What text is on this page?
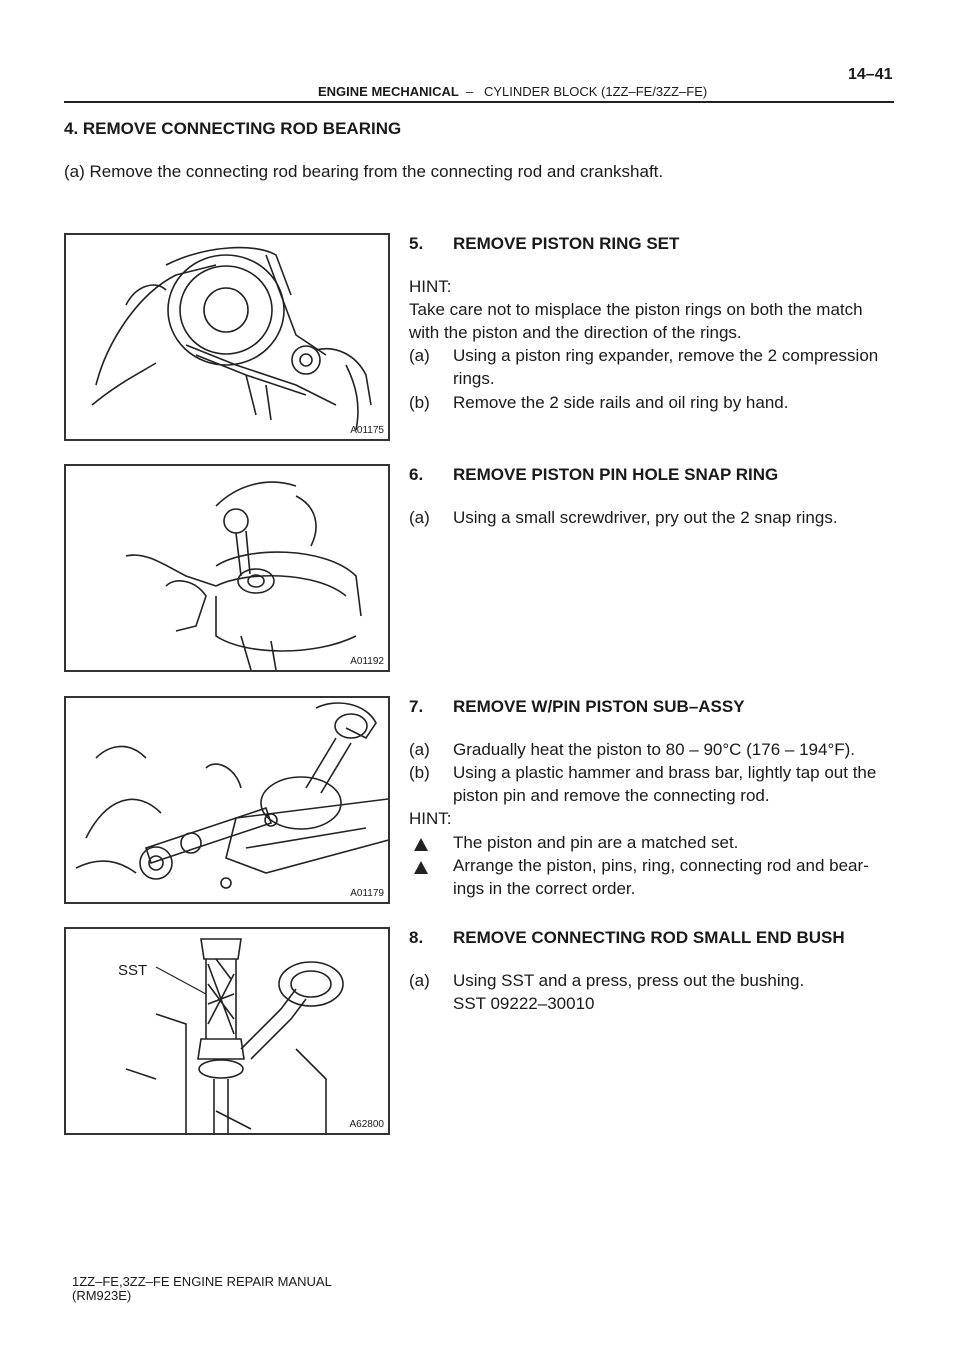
14–41
ENGINE MECHANICAL – CYLINDER BLOCK (1ZZ–FE/3ZZ–FE)
4. REMOVE CONNECTING ROD BEARING
(a) Remove the connecting rod bearing from the connecting rod and crankshaft.
A01175
5. REMOVE PISTON RING SET
HINT:
Take care not to misplace the piston rings on both the match
with the piston and the direction of the rings.
(a) Using a piston ring expander, remove the 2 compression
rings.
(b) Remove the 2 side rails and oil ring by hand.
A01192
6. REMOVE PISTON PIN HOLE SNAP RING
(a) Using a small screwdriver, pry out the 2 snap rings.
A01179
7. REMOVE W/PIN PISTON SUB–ASSY
(a) Gradually heat the piston to 80 – 90°C (176 – 194°F).
(b) Using a plastic hammer and brass bar, lightly tap out the
piston pin and remove the connecting rod.
HINT:
The piston and pin are a matched set.
Arrange the piston, pins, ring, connecting rod and bear-
ings in the correct order.
SST
A62800
8. REMOVE CONNECTING ROD SMALL END BUSH
(a) Using SST and a press, press out the bushing.
SST 09222–30010
1ZZ–FE,3ZZ–FE ENGINE REPAIR MANUAL
(RM923E)
